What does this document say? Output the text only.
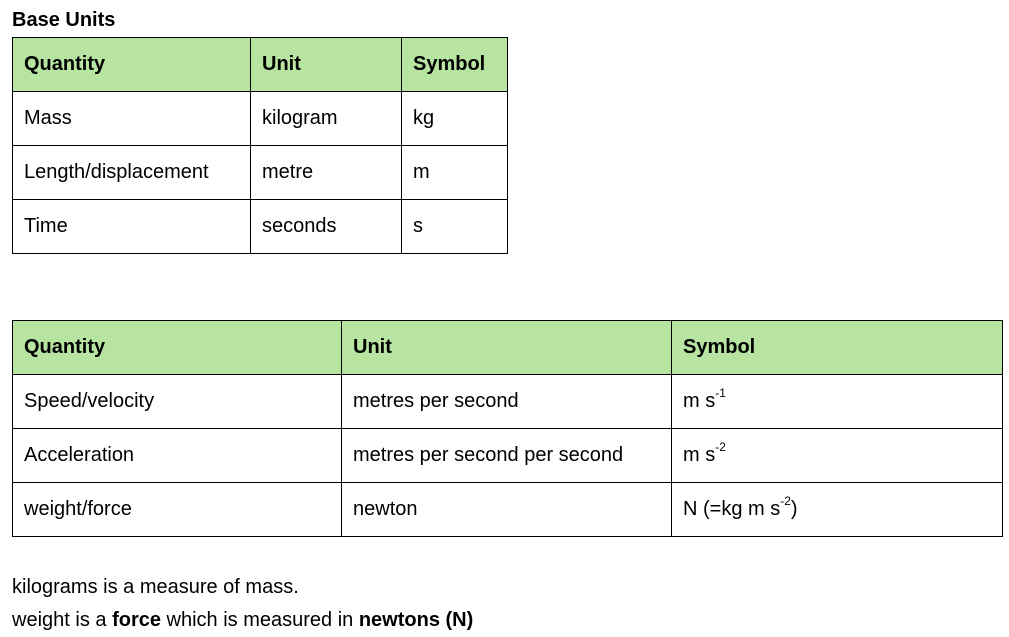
Base Units
Quantity	Unit	Symbol
Mass	kilogram	kg
Length/displacement	metre	m
Time	seconds	s
Quantity	Unit	Symbol
Speed/velocity	metres per second	m $s^{-1}$
Acceleration	metres per second per second	m $s^{-2}$
weight/force	newton	N (=kg m $s^{-2}$)
kilograms is a measure of mass.
weight is a force which is measured in newtons (N)
